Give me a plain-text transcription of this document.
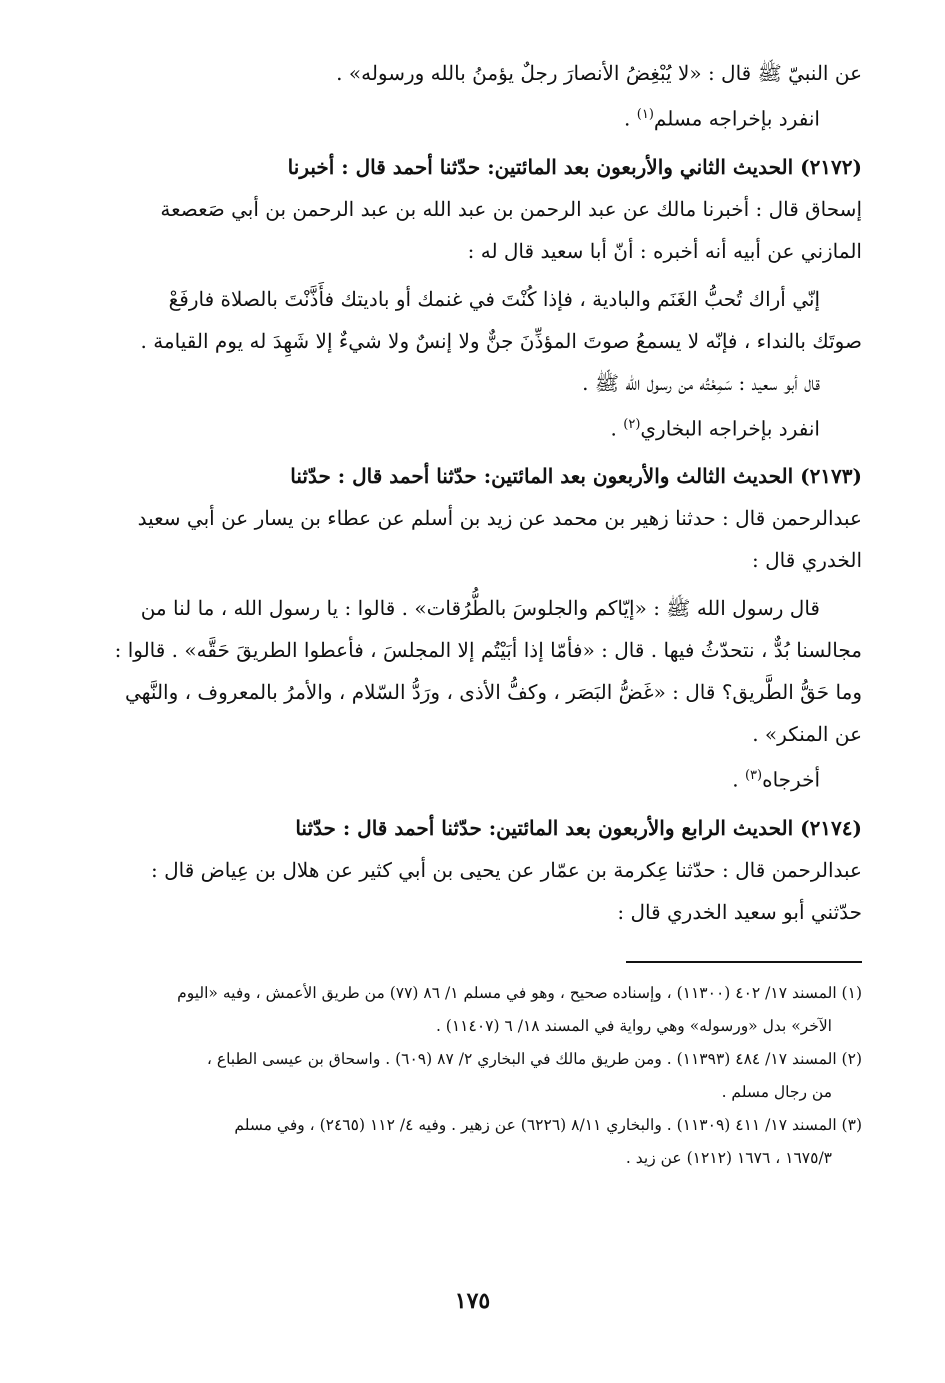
عن النبيّ ﷺ قال : «لا يُبْغِضُ الأنصارَ رجلٌ يؤمنُ بالله ورسوله» .
انفرد بإخراجه مسلم$^{(١)}$ .
(٢١٧٢) الحديث الثاني والأربعون بعد المائتين: حدّثنا أحمد قال : أخبرنا
إسحاق قال : أخبرنا مالك عن عبد الرحمن بن عبد الله بن عبد الرحمن بن أبي صَعصعة
المازني عن أبيه أنه أخبره : أنّ أبا سعيد قال له :
إنّي أراك تُحبُّ الغَنَم والبادية ، فإذا كُنْتَ في غنمك أو باديتك فأَذَّنْتَ بالصلاة فارفَعْ
صوتَك بالنداء ، فإنّه لا يسمعُ صوتَ المؤذِّنَ جنٌّ ولا إنسٌ ولا شيءٌ إلا شَهِدَ له يوم القيامة .
قال أبو سعيد : سَمِعْتُه من رسول الله ﷺ .
انفرد بإخراجه البخاري$^{(٢)}$ .
(٢١٧٣) الحديث الثالث والأربعون بعد المائتين: حدّثنا أحمد قال : حدّثنا
عبدالرحمن قال : حدثنا زهير بن محمد عن زيد بن أسلم عن عطاء بن يسار عن أبي سعيد
الخدري قال :
قال رسول الله ﷺ : «إيّاكم والجلوسَ بالطُّرُقات» . قالوا : يا رسول الله ، ما لنا من
مجالسنا بُدٌّ ، نتحدّثُ فيها . قال : «فأمّا إذا أبَيْتُم إلا المجلسَ ، فأعطوا الطريقَ حَقَّه» . قالوا :
وما حَقُّ الطَّريق؟ قال : «غَضُّ البَصَر ، وكفُّ الأذى ، ورَدُّ السّلام ، والأمرُ بالمعروف ، والنَّهي
عن المنكر» .
أخرجاه$^{(٣)}$ .
(٢١٧٤) الحديث الرابع والأربعون بعد المائتين: حدّثنا أحمد قال : حدّثنا
عبدالرحمن قال : حدّثنا عِكرمة بن عمّار عن يحيى بن أبي كثير عن هلال بن عِياض قال :
حدّثني أبو سعيد الخدري قال :
(١) المسند ١٧/ ٤٠٢ (١١٣٠٠) ، وإسناده صحيح ، وهو في مسلم ١/ ٨٦ (٧٧) من طريق الأعمش ، وفيه «اليوم
الآخر» بدل «ورسوله» وهي رواية في المسند ١٨/ ٦ (١١٤٠٧) .
(٢) المسند ١٧/ ٤٨٤ (١١٣٩٣) . ومن طريق مالك في البخاري ٢/ ٨٧ (٦٠٩) . واسحاق بن عيسى الطباع ،
من رجال مسلم .
(٣) المسند ١٧/ ٤١١ (١١٣٠٩) . والبخاري ٨/١١ (٦٢٢٦) عن زهير . وفيه ٤/ ١١٢ (٢٤٦٥) ، وفي مسلم
١٦٧٥/٣ ، ١٦٧٦ (١٢١٢) عن زيد .
١٧٥
